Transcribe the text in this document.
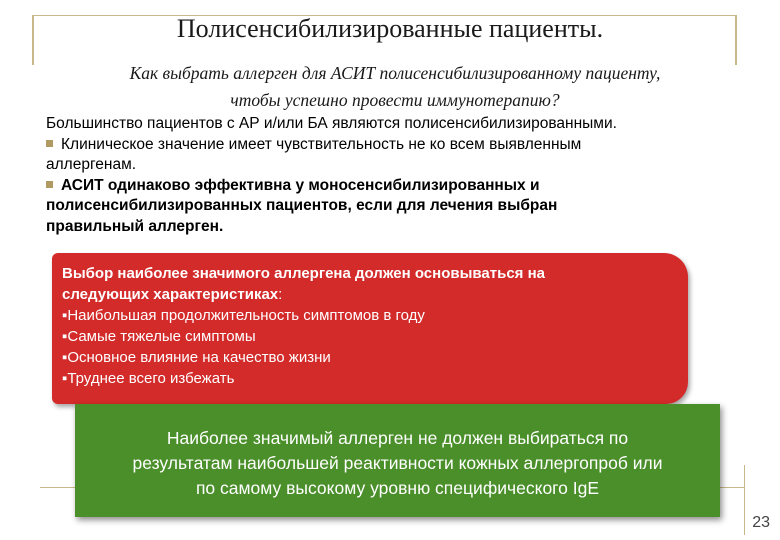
Полисенсибилизированные пациенты.
Как выбрать аллерген для АСИТ полисенсибилизированному пациенту,
чтобы успешно провести иммунотерапию?
Большинство пациентов с АР и/или БА являются полисенсибилизированными.
Клиническое значение имеет чувствительность не ко всем выявленным
аллергенам.
АСИТ одинаково эффективна у моносенсибилизированных и
полисенсибилизированных пациентов, если для лечения выбран
правильный аллерген.
Выбор наиболее значимого аллергена должен основываться на
следующих характеристиках:
▪Наибольшая продолжительность симптомов в году
▪Самые тяжелые симптомы
▪Основное влияние на качество жизни
▪Труднее всего избежать
Наиболее значимый аллерген не должен выбираться по
результатам наибольшей реактивности кожных аллергопроб или
по самому высокому уровню специфического IgE
23
